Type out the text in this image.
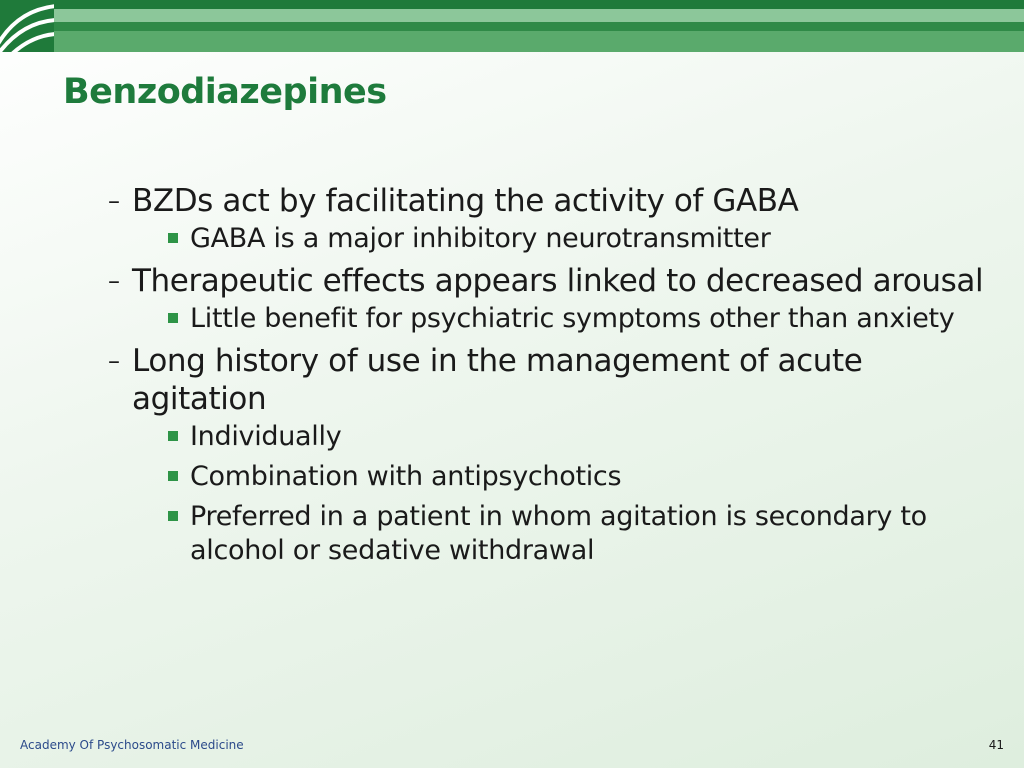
Benzodiazepines
– BZDs act by facilitating the activity of GABA
GABA is a major inhibitory neurotransmitter
– Therapeutic effects appears linked to decreased arousal
Little benefit for psychiatric symptoms other than anxiety
– Long history of use in the management of acute agitation
Individually
Combination with antipsychotics
Preferred in a patient in whom agitation is secondary to alcohol or sedative withdrawal
Academy Of Psychosomatic Medicine	41
